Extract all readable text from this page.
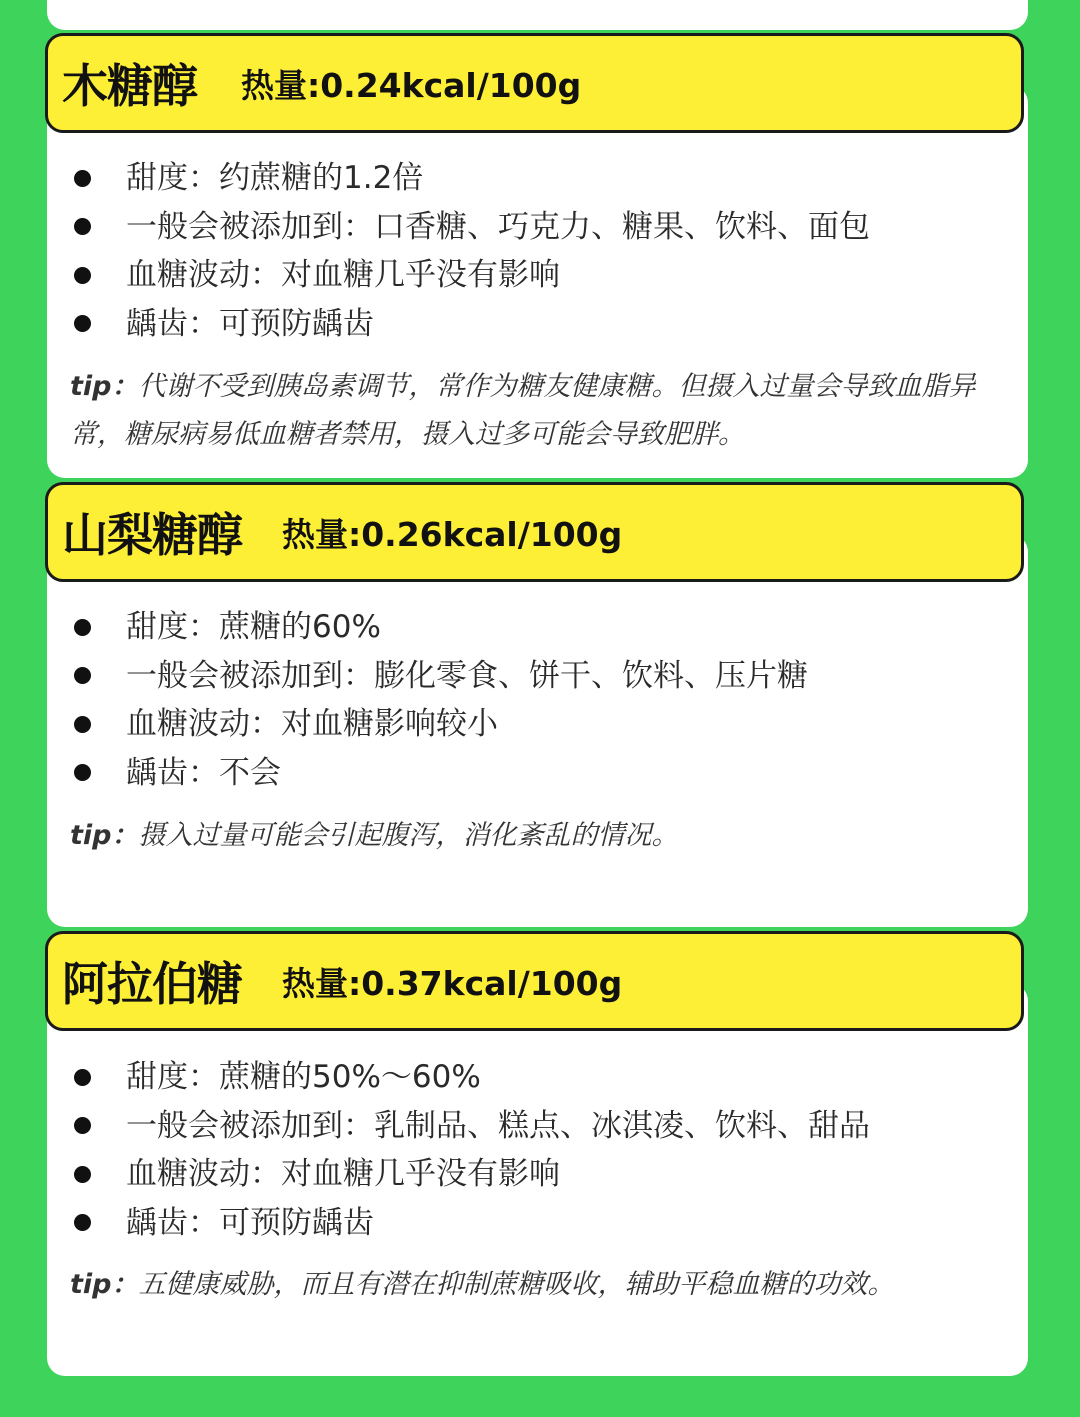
木糖醇 热量:0.24kcal/100g
甜度：约蔗糖的1.2倍
一般会被添加到：口香糖、巧克力、糖果、饮料、面包
血糖波动：对血糖几乎没有影响
龋齿：可预防龋齿
tip：代谢不受到胰岛素调节，常作为糖友健康糖。但摄入过量会导致血脂异常，糖尿病易低血糖者禁用，摄入过多可能会导致肥胖。
山梨糖醇 热量:0.26kcal/100g
甜度：蔗糖的60%
一般会被添加到：膨化零食、饼干、饮料、压片糖
血糖波动：对血糖影响较小
龋齿：不会
tip：摄入过量可能会引起腹泻，消化紊乱的情况。
阿拉伯糖 热量:0.37kcal/100g
甜度：蔗糖的50%～60%
一般会被添加到：乳制品、糕点、冰淇凌、饮料、甜品
血糖波动：对血糖几乎没有影响
龋齿：可预防龋齿
tip：五健康威胁，而且有潜在抑制蔗糖吸收，辅助平稳血糖的功效。
